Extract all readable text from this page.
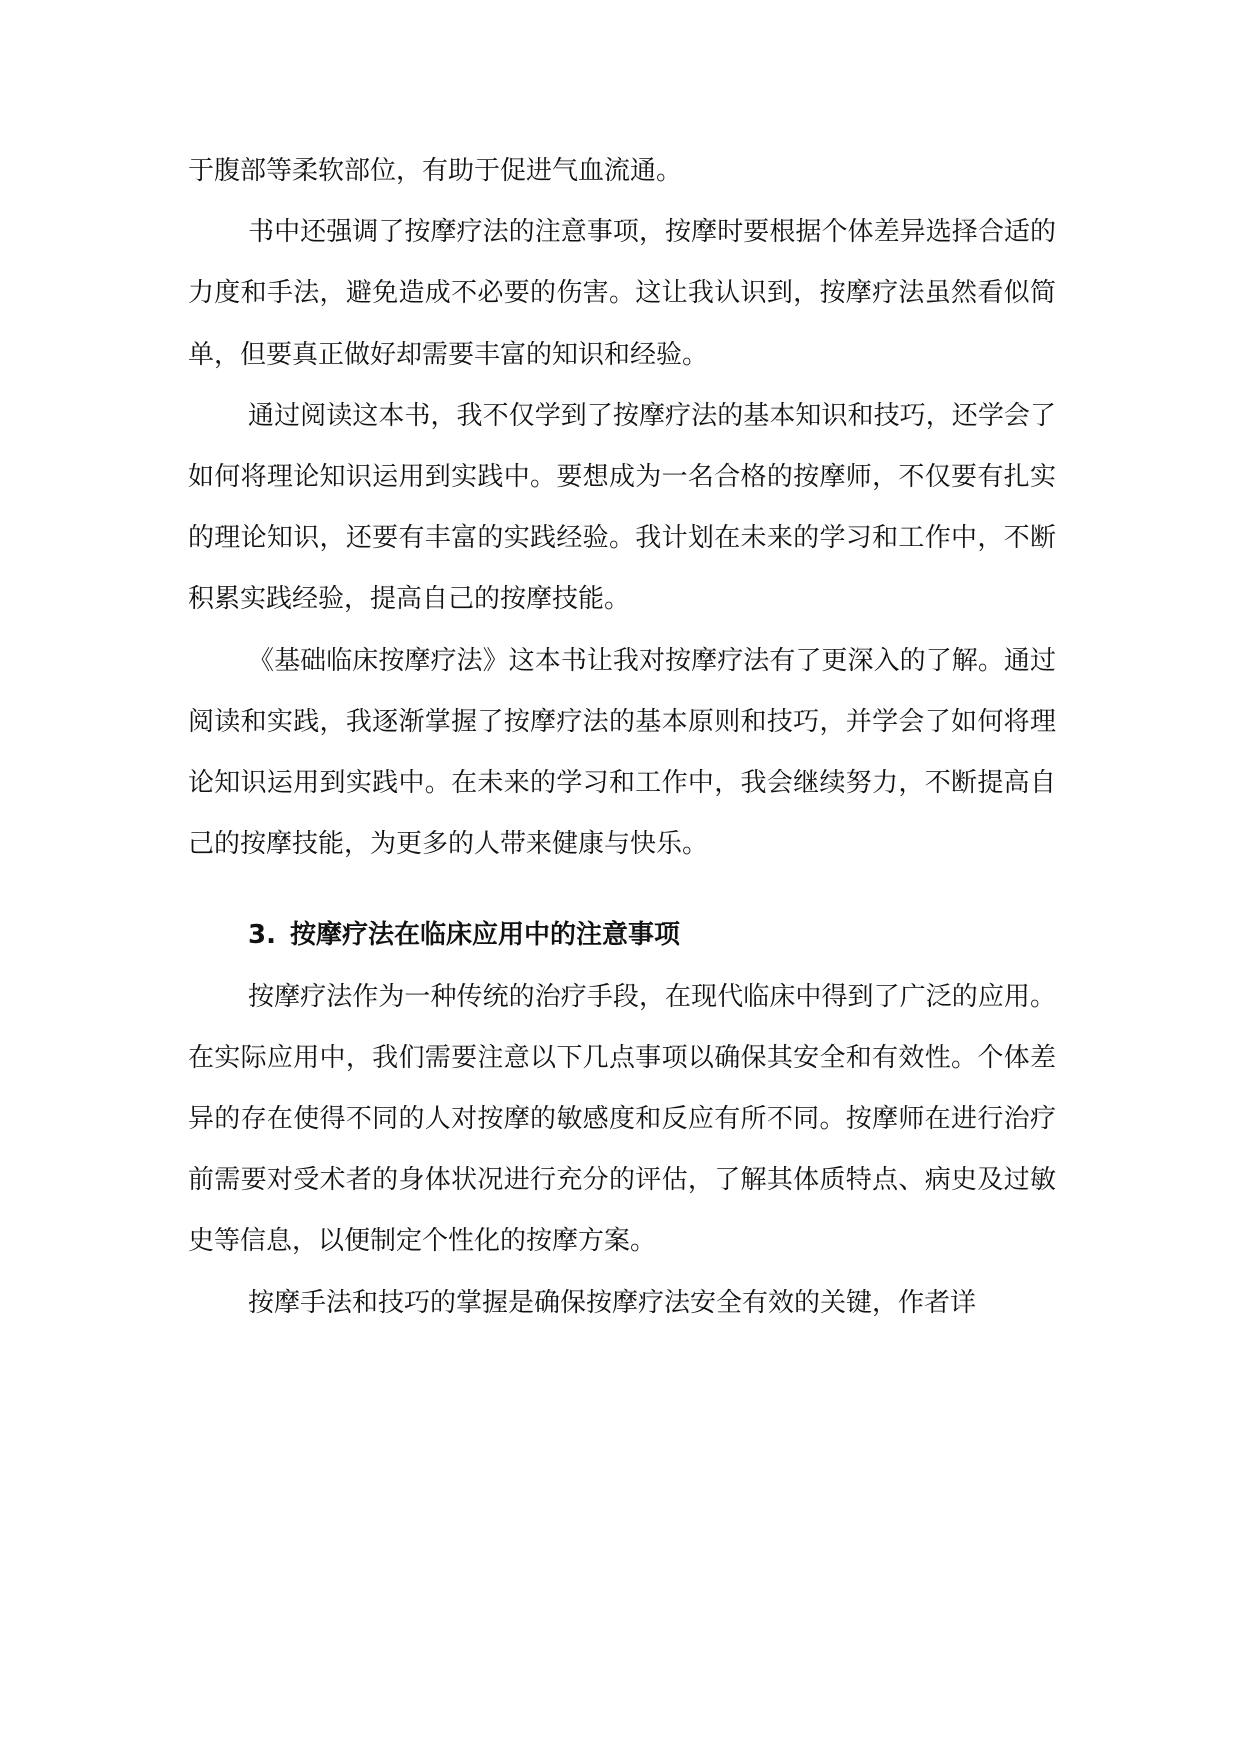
于腹部等柔软部位，有助于促进气血流通。

书中还强调了按摩疗法的注意事项，按摩时要根据个体差异选择合适的力度和手法，避免造成不必要的伤害。这让我认识到，按摩疗法虽然看似简单，但要真正做好却需要丰富的知识和经验。

通过阅读这本书，我不仅学到了按摩疗法的基本知识和技巧，还学会了如何将理论知识运用到实践中。要想成为一名合格的按摩师，不仅要有扎实的理论知识，还要有丰富的实践经验。我计划在未来的学习和工作中，不断积累实践经验，提高自己的按摩技能。

《基础临床按摩疗法》这本书让我对按摩疗法有了更深入的了解。通过阅读和实践，我逐渐掌握了按摩疗法的基本原则和技巧，并学会了如何将理论知识运用到实践中。在未来的学习和工作中，我会继续努力，不断提高自己的按摩技能，为更多的人带来健康与快乐。

3. 按摩疗法在临床应用中的注意事项

按摩疗法作为一种传统的治疗手段，在现代临床中得到了广泛的应用。在实际应用中，我们需要注意以下几点事项以确保其安全和有效性。个体差异的存在使得不同的人对按摩的敏感度和反应有所不同。按摩师在进行治疗前需要对受术者的身体状况进行充分的评估，了解其体质特点、病史及过敏史等信息，以便制定个性化的按摩方案。

按摩手法和技巧的掌握是确保按摩疗法安全有效的关键，作者详
